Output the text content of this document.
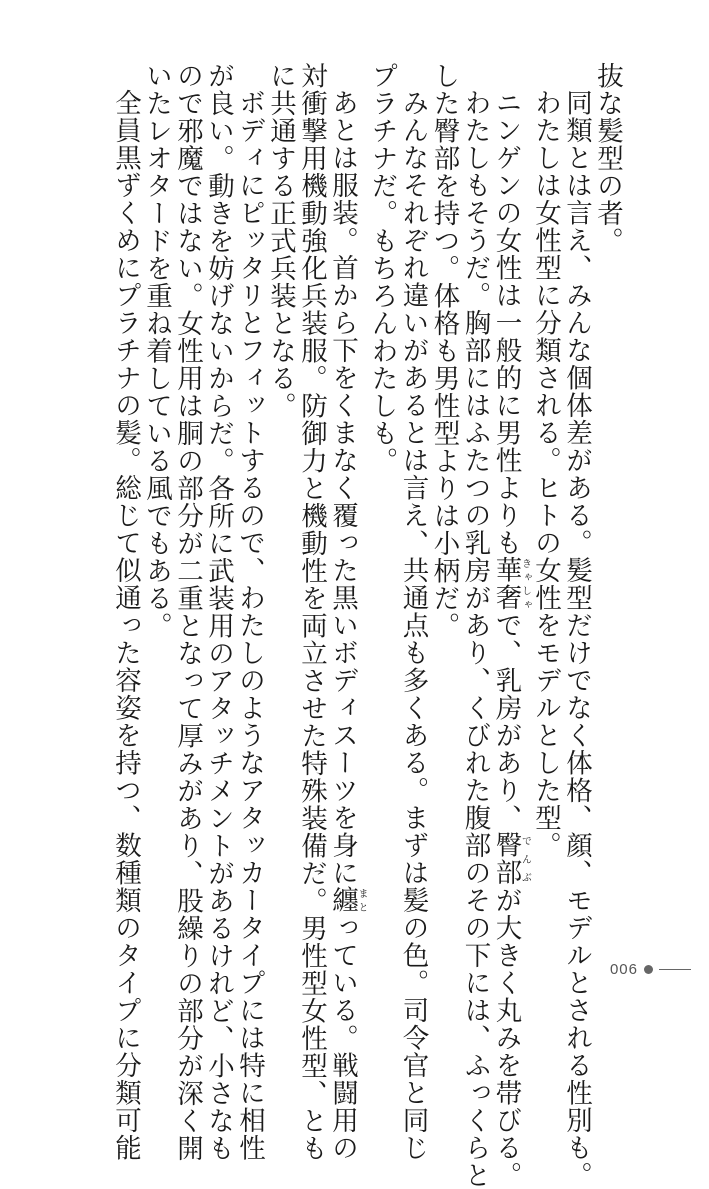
抜な髪型の者。

同類とは言え、みんな個体差がある。髪型だけでなく体格、顔、モデルとされる性別も。

わたしは女性型に分類される。ヒトの女性をモデルとした型。

ニンゲンの女性は一般的に男性よりも華奢きゃしゃで、乳房があり、臀部でんぶが大きく丸みを帯びる。

わたしもそうだ。胸部にはふたつの乳房があり、くびれた腹部のその下には、ふっくらと

した臀部を持つ。体格も男性型よりは小柄だ。

みんなそれぞれ違いがあるとは言え、共通点も多くある。まずは髪の色。司令官と同じ

プラチナだ。もちろんわたしも。

あとは服装。首から下をくまなく覆った黒いボディスーツを身に纏まとっている。戦闘用の

対衝撃用機動強化兵装服。防御力と機動性を両立させた特殊装備だ。男性型女性型、とも

に共通する正式兵装となる。

ボディにピッタリとフィットするので、わたしのようなアタッカータイプには特に相性

が良い。動きを妨げないからだ。各所に武装用のアタッチメントがあるけれど、小さなも

ので邪魔ではない。女性用は胴の部分が二重となって厚みがあり、股繰りの部分が深く開

いたレオタードを重ね着している風でもある。

全員黒ずくめにプラチナの髪。総じて似通った容姿を持つ、数種類のタイプに分類可能	006
